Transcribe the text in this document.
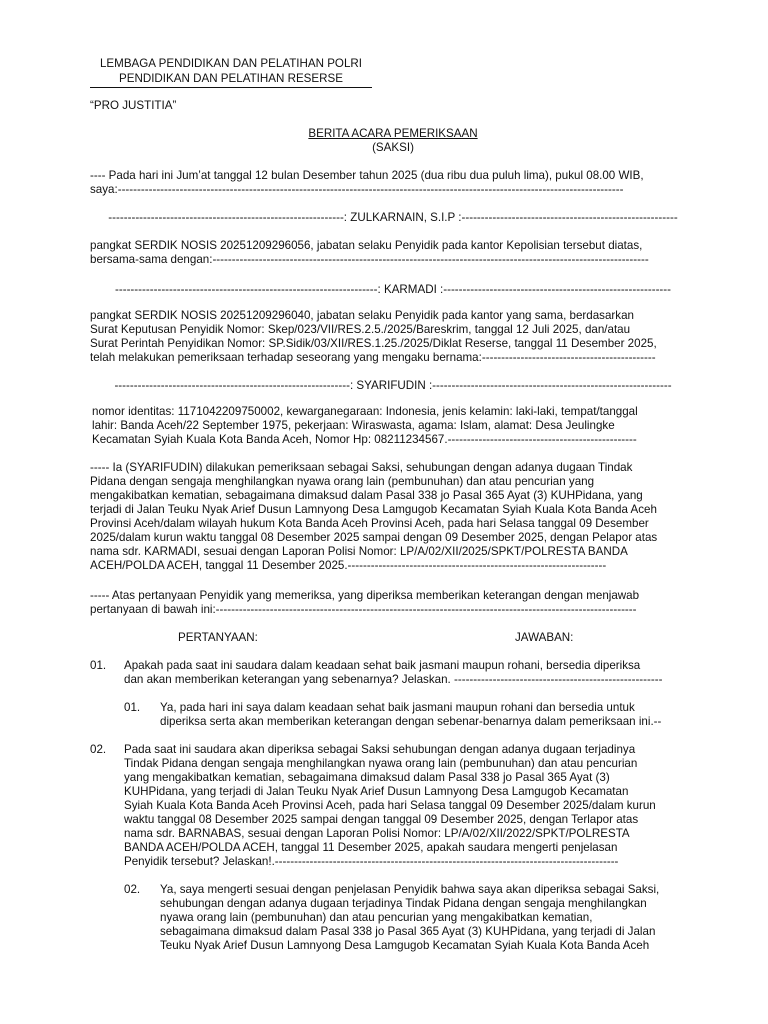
LEMBAGA PENDIDIKAN DAN PELATIHAN POLRI
PENDIDIKAN DAN PELATIHAN RESERSE
“PRO JUSTITIA”
BERITA ACARA PEMERIKSAAN
(SAKSI)
---- Pada hari ini Jum’at tanggal 12 bulan Desember tahun 2025 (dua ribu dua puluh lima), pukul 08.00 WIB,
saya:-----------------------------------------------------------------------------------------------------------------------------------
-------------------------------------------------------------: ZULKARNAIN, S.I.P :--------------------------------------------------------
pangkat SERDIK NOSIS 20251209296056, jabatan selaku Penyidik pada kantor Kepolisian tersebut diatas,
bersama-sama dengan:-----------------------------------------------------------------------------------------------------------------
--------------------------------------------------------------------: KARMADI :-----------------------------------------------------------
pangkat SERDIK NOSIS 20251209296040, jabatan selaku Penyidik pada kantor yang sama, berdasarkan
Surat Keputusan Penyidik Nomor: Skep/023/VII/RES.2.5./2025/Bareskrim, tanggal 12 Juli 2025, dan/atau
Surat Perintah Penyidikan Nomor: SP.Sidik/03/XII/RES.1.25./2025/Diklat Reserse, tanggal 11 Desember 2025,
telah melakukan pemeriksaan terhadap seseorang yang mengaku bernama:---------------------------------------------
-------------------------------------------------------------: SYARIFUDIN :--------------------------------------------------------------
nomor identitas: 1171042209750002, kewarganegaraan: Indonesia, jenis kelamin: laki-laki, tempat/tanggal
lahir: Banda Aceh/22 September 1975, pekerjaan: Wiraswasta, agama: Islam, alamat: Desa Jeulingke
Kecamatan Syiah Kuala Kota Banda Aceh, Nomor Hp: 08211234567.-------------------------------------------------
----- Ia (SYARIFUDIN) dilakukan pemeriksaan sebagai Saksi, sehubungan dengan adanya dugaan Tindak
Pidana dengan sengaja menghilangkan nyawa orang lain (pembunuhan) dan atau pencurian yang
mengakibatkan kematian, sebagaimana dimaksud dalam Pasal 338 jo Pasal 365 Ayat (3) KUHPidana, yang
terjadi di Jalan Teuku Nyak Arief Dusun Lamnyong Desa Lamgugob Kecamatan Syiah Kuala Kota Banda Aceh
Provinsi Aceh/dalam wilayah hukum Kota Banda Aceh Provinsi Aceh, pada hari Selasa tanggal 09 Desember
2025/dalam kurun waktu tanggal 08 Desember 2025 sampai dengan 09 Desember 2025, dengan Pelapor atas
nama sdr. KARMADI, sesuai dengan Laporan Polisi Nomor: LP/A/02/XII/2025/SPKT/POLRESTA BANDA
ACEH/POLDA ACEH, tanggal 11 Desember 2025.-------------------------------------------------------------------
----- Atas pertanyaan Penyidik yang memeriksa, yang diperiksa memberikan keterangan dengan menjawab
pertanyaan di bawah ini:-------------------------------------------------------------------------------------------------------------
PERTANYAAN:	JAWABAN:
01. Apakah pada saat ini saudara dalam keadaan sehat baik jasmani maupun rohani, bersedia diperiksa
dan akan memberikan keterangan yang sebenarnya? Jelaskan. ------------------------------------------------------
01. Ya, pada hari ini saya dalam keadaan sehat baik jasmani maupun rohani dan bersedia untuk
diperiksa serta akan memberikan keterangan dengan sebenar-benarnya dalam pemeriksaan ini.--
02. Pada saat ini saudara akan diperiksa sebagai Saksi sehubungan dengan adanya dugaan terjadinya
Tindak Pidana dengan sengaja menghilangkan nyawa orang lain (pembunuhan) dan atau pencurian
yang mengakibatkan kematian, sebagaimana dimaksud dalam Pasal 338 jo Pasal 365 Ayat (3)
KUHPidana, yang terjadi di Jalan Teuku Nyak Arief Dusun Lamnyong Desa Lamgugob Kecamatan
Syiah Kuala Kota Banda Aceh Provinsi Aceh, pada hari Selasa tanggal 09 Desember 2025/dalam kurun
waktu tanggal 08 Desember 2025 sampai dengan tanggal 09 Desember 2025, dengan Terlapor atas
nama sdr. BARNABAS, sesuai dengan Laporan Polisi Nomor: LP/A/02/XII/2022/SPKT/POLRESTA
BANDA ACEH/POLDA ACEH, tanggal 11 Desember 2025, apakah saudara mengerti penjelasan
Penyidik tersebut? Jelaskan!.-----------------------------------------------------------------------------------------
02. Ya, saya mengerti sesuai dengan penjelasan Penyidik bahwa saya akan diperiksa sebagai Saksi,
sehubungan dengan adanya dugaan terjadinya Tindak Pidana dengan sengaja menghilangkan
nyawa orang lain (pembunuhan) dan atau pencurian yang mengakibatkan kematian,
sebagaimana dimaksud dalam Pasal 338 jo Pasal 365 Ayat (3) KUHPidana, yang terjadi di Jalan
Teuku Nyak Arief Dusun Lamnyong Desa Lamgugob Kecamatan Syiah Kuala Kota Banda Aceh
